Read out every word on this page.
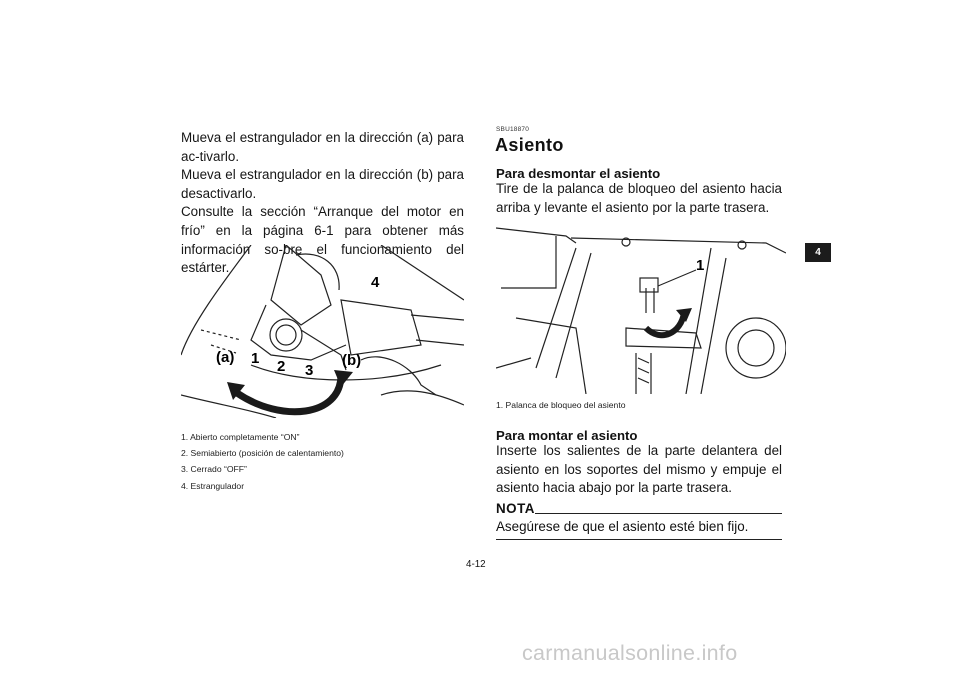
Mueva el estrangulador en la dirección (a) para ac-tivarlo.

Mueva el estrangulador en la dirección (b) para desactivarlo.

Consulte la sección “Arranque del motor en frío” en la página 6-1 para obtener más información so-bre el funcionamiento del estárter.

(a)	(b)
1 2 3
4
1. Abierto completamente “ON”
2. Semiabierto (posición de calentamiento)
3. Cerrado “OFF”
4. Estrangulador
SBU18870
Asiento
Para desmontar el asiento
Tire de la palanca de bloqueo del asiento hacia arriba y levante el asiento por la parte trasera.
1
1. Palanca de bloqueo del asiento
Para montar el asiento
Inserte los salientes de la parte delantera del asiento en los soportes del mismo y empuje el asiento hacia abajo por la parte trasera.
NOTA
Asegúrese de que el asiento esté bien fijo.
4-12
4
carmanualsonline.info
